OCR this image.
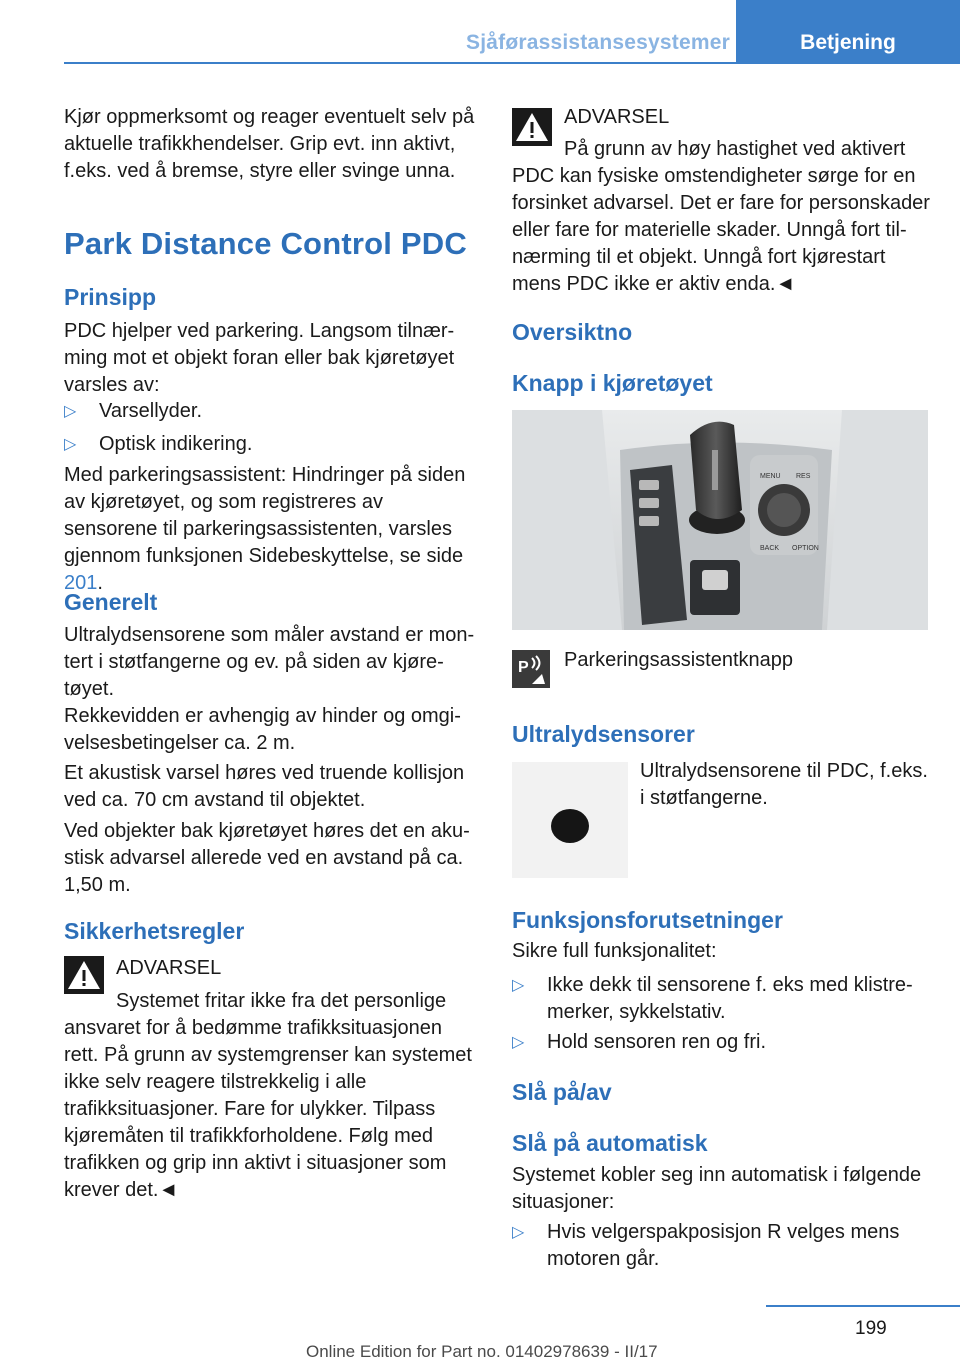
Sjåførassistansesystemer	Betjening

Kjør oppmerksomt og reager eventuelt selv på aktuelle trafikkhendelser. Grip evt. inn aktivt, f.eks. ved å bremse, styre eller svinge unna.

Park Distance Control PDC
Prinsipp

PDC hjelper ved parkering. Langsom tilnærming mot et objekt foran eller bak kjøretøyet varsles av:

▷ Varsellyder.
▷ Optisk indikering.

Med parkeringsassistent: Hindringer på siden av kjøretøyet, og som registreres av sensorene til parkeringsassistenten, varsles gjennom funksjonen Sidebeskyttelse, se side 201.

Generelt

Ultralydsensorene som måler avstand er montert i støtfangerne og ev. på siden av kjøretøyet.

Rekkevidden er avhengig av hinder og omgivelsesbetingelser ca. 2 m.

Et akustisk varsel høres ved truende kollisjon ved ca. 70 cm avstand til objektet.

Ved objekter bak kjøretøyet høres det en akustisk advarsel allerede ved en avstand på ca. 1,50 m.

Sikkerhetsregler

ADVARSEL

Systemet fritar ikke fra det personlige ansvaret for å bedømme trafikksituasjonen rett. På grunn av systemgrenser kan systemet ikke selv reagere tilstrekkelig i alle trafikksituasjoner. Fare for ulykker. Tilpass kjøremåten til trafikkforholdene. Følg med trafikken og grip inn aktivt i situasjoner som krever det.◄

ADVARSEL

På grunn av høy hastighet ved aktivert PDC kan fysiske omstendigheter sørge for en forsinket advarsel. Det er fare for personskader eller fare for materielle skader. Unngå fort tilnærming til et objekt. Unngå fort kjørestart mens PDC ikke er aktiv enda.◄

Oversiktno
Knapp i kjøretøyet
MENU RES
BACK OPTION
P Parkeringsassistentknapp

Ultralydsensorer

Ultralydsensorene til PDC, f.eks. i støtfangerne.

Funksjonsforutsetninger

Sikre full funksjonalitet:

▷ Ikke dekk til sensorene f. eks med klistremerker, sykkelstativ.
▷ Hold sensoren ren og fri.
Slå på/av
Slå på automatisk

Systemet kobler seg inn automatisk i følgende situasjoner:

▷ Hvis velgerspakposisjon R velges mens motoren går.
199
Online Edition for Part no. 01402978639 - II/17
